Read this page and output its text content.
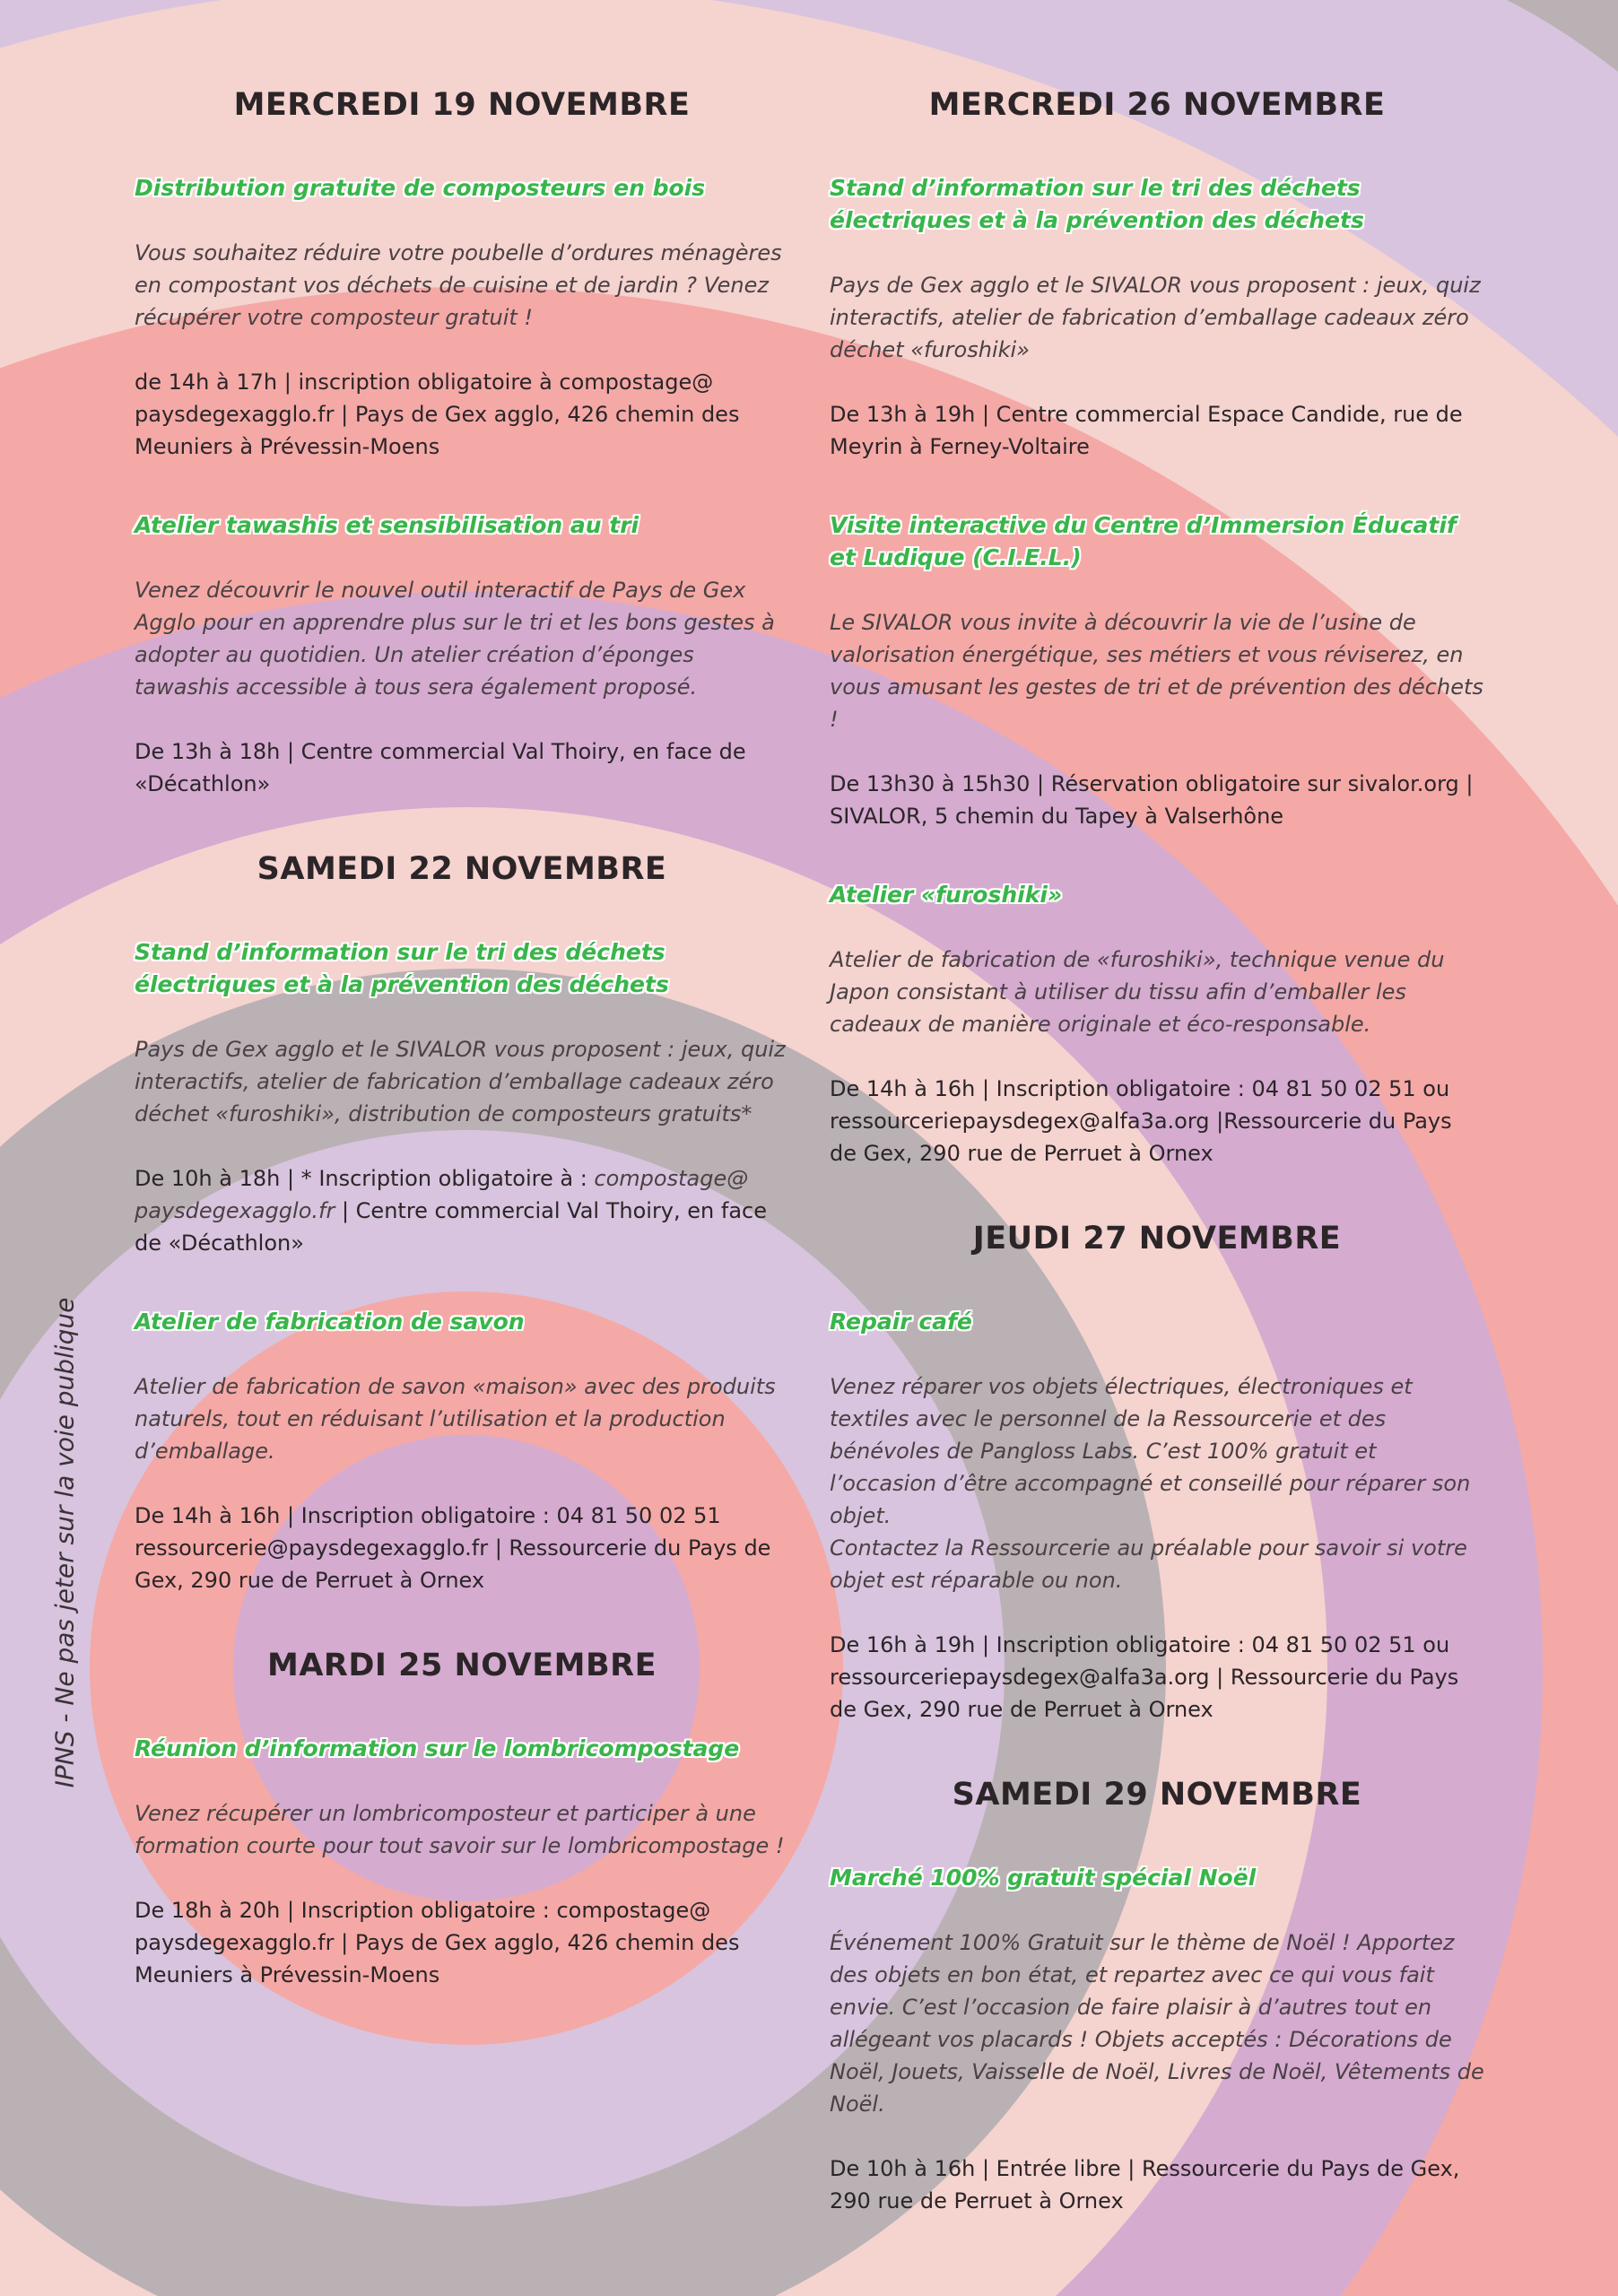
IPNS - Ne pas jeter sur la voie publique
MERCREDI 19 NOVEMBRE
Distribution gratuite de composteurs en bois
Vous souhaitez réduire votre poubelle d’ordures ménagères en compostant vos déchets de cuisine et de jardin ? Venez récupérer votre composteur gratuit !
de 14h à 17h | inscription obligatoire à compostage@ paysdegexagglo.fr | Pays de Gex agglo, 426 chemin des Meuniers à Prévessin-Moens
Atelier tawashis et sensibilisation au tri
Venez découvrir le nouvel outil interactif de Pays de Gex Agglo pour en apprendre plus sur le tri et les bons gestes à adopter au quotidien. Un atelier création d’éponges tawashis accessible à tous sera également proposé.
De 13h à 18h | Centre commercial Val Thoiry, en face de «Décathlon»
SAMEDI 22 NOVEMBRE
Stand d’information sur le tri des déchets électriques et à la prévention des déchets
Pays de Gex agglo et le SIVALOR vous proposent : jeux, quiz interactifs, atelier de fabrication d’emballage cadeaux zéro déchet «furoshiki», distribution de composteurs gratuits*
De 10h à 18h | * Inscription obligatoire à : compostage@ paysdegexagglo.fr | Centre commercial Val Thoiry, en face de «Décathlon»
Atelier de fabrication de savon
Atelier de fabrication de savon «maison» avec des produits naturels, tout en réduisant l’utilisation et la production d’emballage.
De 14h à 16h | Inscription obligatoire : 04 81 50 02 51 ressourcerie@paysdegexagglo.fr | Ressourcerie du Pays de Gex, 290 rue de Perruet à Ornex
MARDI 25 NOVEMBRE
Réunion d’information sur le lombricompostage
Venez récupérer un lombricomposteur et participer à une formation courte pour tout savoir sur le lombricompostage !
De 18h à 20h | Inscription obligatoire : compostage@ paysdegexagglo.fr | Pays de Gex agglo, 426 chemin des Meuniers à Prévessin-Moens
MERCREDI 26 NOVEMBRE
Stand d’information sur le tri des déchets électriques et à la prévention des déchets
Pays de Gex agglo et le SIVALOR vous proposent : jeux, quiz interactifs, atelier de fabrication d’emballage cadeaux zéro déchet «furoshiki»
De 13h à 19h | Centre commercial Espace Candide, rue de Meyrin à Ferney-Voltaire
Visite interactive du Centre d’Immersion Éducatif et Ludique (C.I.E.L.)
Le SIVALOR vous invite à découvrir la vie de l’usine de valorisation énergétique, ses métiers et vous réviserez, en vous amusant les gestes de tri et de prévention des déchets !
De 13h30 à 15h30 | Réservation obligatoire sur sivalor.org | SIVALOR, 5 chemin du Tapey à Valserhône
Atelier «furoshiki»
Atelier de fabrication de «furoshiki», technique venue du Japon consistant à utiliser du tissu afin d’emballer les cadeaux de manière originale et éco-responsable.
De 14h à 16h | Inscription obligatoire : 04 81 50 02 51 ou ressourceriepaysdegex@alfa3a.org |Ressourcerie du Pays de Gex, 290 rue de Perruet à Ornex
JEUDI 27 NOVEMBRE
Repair café
Venez réparer vos objets électriques, électroniques et textiles avec le personnel de la Ressourcerie et des bénévoles de Pangloss Labs. C’est 100% gratuit et l’occasion d’être accompagné et conseillé pour réparer son objet.
Contactez la Ressourcerie au préalable pour savoir si votre objet est réparable ou non.
De 16h à 19h | Inscription obligatoire : 04 81 50 02 51 ou ressourceriepaysdegex@alfa3a.org | Ressourcerie du Pays de Gex, 290 rue de Perruet à Ornex
SAMEDI 29 NOVEMBRE
Marché 100% gratuit spécial Noël
Événement 100% Gratuit sur le thème de Noël ! Apportez des objets en bon état, et repartez avec ce qui vous fait envie. C’est l’occasion de faire plaisir à d’autres tout en allégeant vos placards ! Objets acceptés : Décorations de Noël, Jouets, Vaisselle de Noël, Livres de Noël, Vêtements de Noël.
De 10h à 16h | Entrée libre | Ressourcerie du Pays de Gex, 290 rue de Perruet à Ornex
